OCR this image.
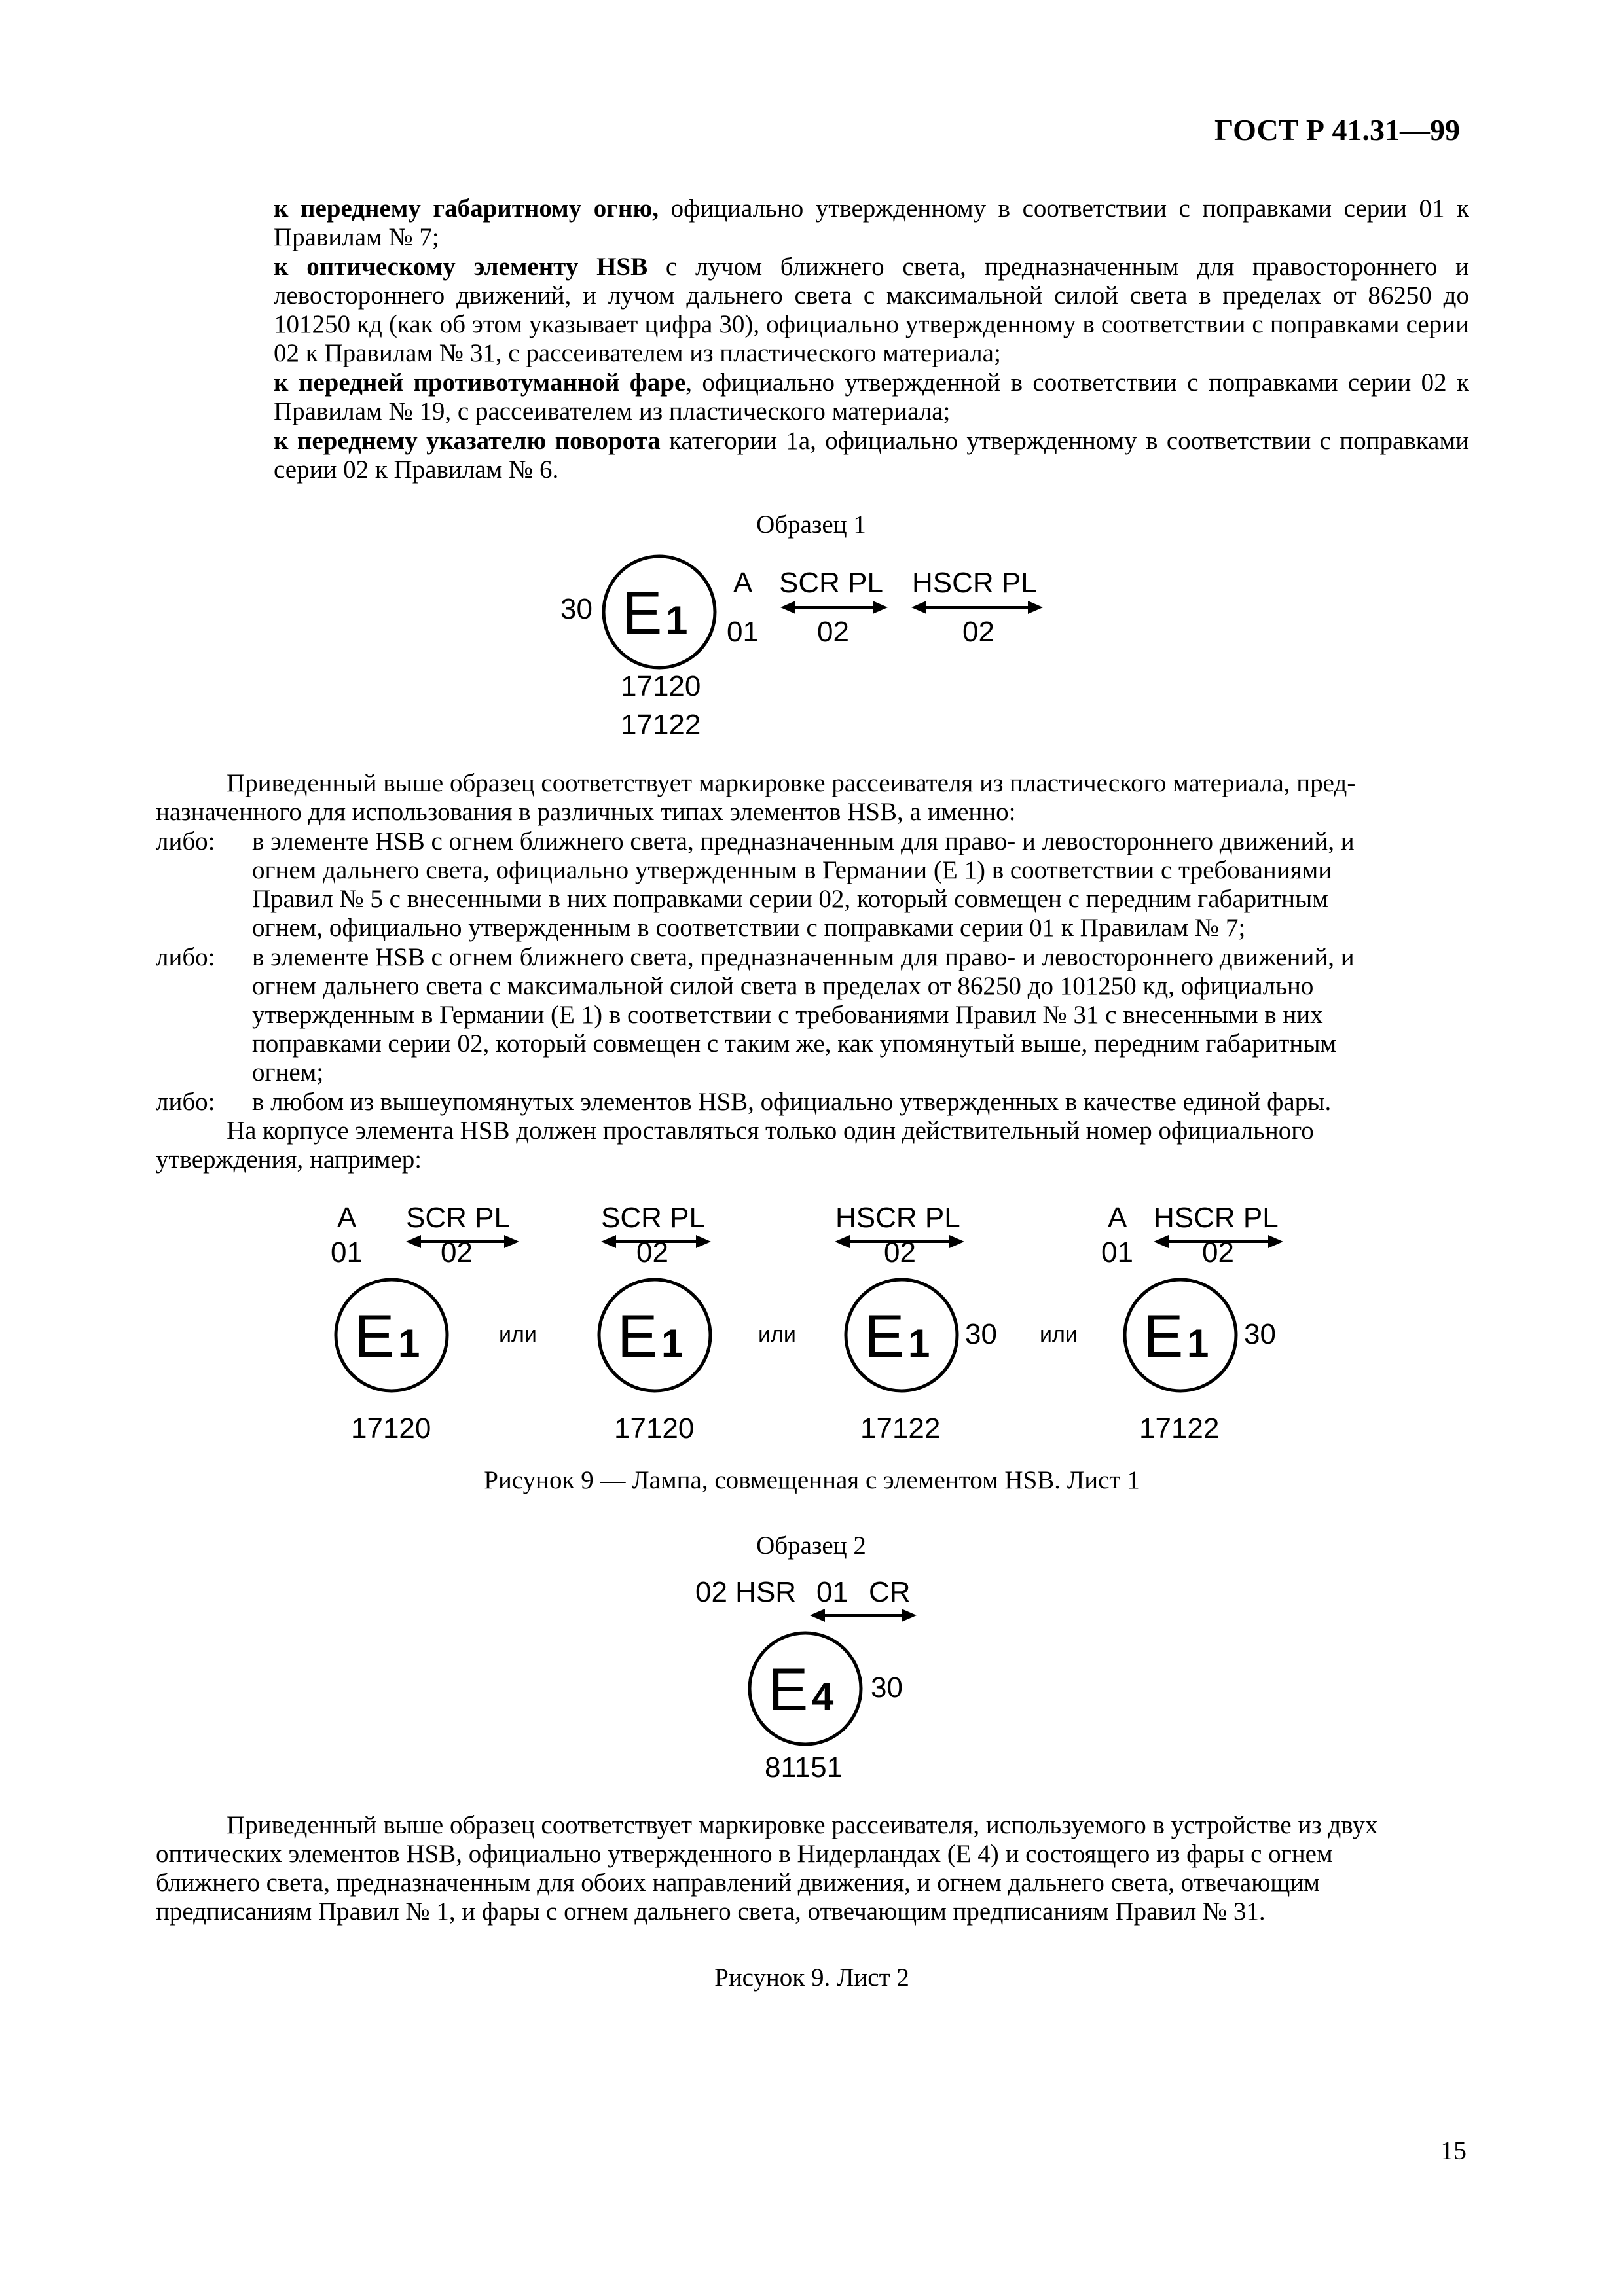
ГОСТ Р 41.31—99
к переднему габаритному огню, официально утвержденному в соответствии с поправками серии 01 к Правилам № 7;
к оптическому элементу HSB с лучом ближнего света, предназначенным для правостороннего и левостороннего движений, и лучом дальнего света с максимальной силой света в пределах от 86250 до 101250 кд (как об этом указывает цифра 30), официально утвержденному в соответствии с поправками серии 02 к Правилам № 31, с рассеивателем из пластического материала;
к передней противотуманной фаре, официально утвержденной в соответствии с поправками серии 02 к Правилам № 19, с рассеивателем из пластического материала;
к переднему указателю поворота категории 1а, официально утвержденному в соответствии с поправками серии 02 к Правилам № 6.
Образец 1
30 E 1
A
01
SCR PL
02
HSCR PL
02
17120
17122
Приведенный выше образец соответствует маркировке рассеивателя из пластического материала, пред-
назначенного для использования в различных типах элементов HSB, а именно:
либо: в элементе HSB с огнем ближнего света, предназначенным для право- и левостороннего движений, и
огнем дальнего света, официально утвержденным в Германии (Е 1) в соответствии с требованиями
Правил № 5 с внесенными в них поправками серии 02, который совмещен с передним габаритным
огнем, официально утвержденным в соответствии с поправками серии 01 к Правилам № 7;
либо: в элементе HSB с огнем ближнего света, предназначенным для право- и левостороннего движений, и
огнем дальнего света с максимальной силой света в пределах от 86250 до 101250 кд, официально
утвержденным в Германии (Е 1) в соответствии с требованиями Правил № 31 с внесенными в них
поправками серии 02, который совмещен с таким же, как упомянутый выше, передним габаритным
огнем;
либо: в любом из вышеупомянутых элементов HSB, официально утвержденных в качестве единой фары.
На корпусе элемента HSB должен проставляться только один действительный номер официального
утверждения, например:
A
01
SCR PL
02
E 1
17120
или
SCR PL
02
E 1
17120
или
HSCR PL
02
E 1 30
17122
или
A
01
HSCR PL
02
E 1 30
17122
Рисунок 9 — Лампа, совмещенная с элементом HSB. Лист 1
Образец 2
02 HSR 01 CR
E 4 30
81151
Приведенный выше образец соответствует маркировке рассеивателя, используемого в устройстве из двух
оптических элементов HSB, официально утвержденного в Нидерландах (Е 4) и состоящего из фары с огнем
ближнего света, предназначенным для обоих направлений движения, и огнем дальнего света, отвечающим
предписаниям Правил № 1, и фары с огнем дальнего света, отвечающим предписаниям Правил № 31.
Рисунок 9. Лист 2
15
